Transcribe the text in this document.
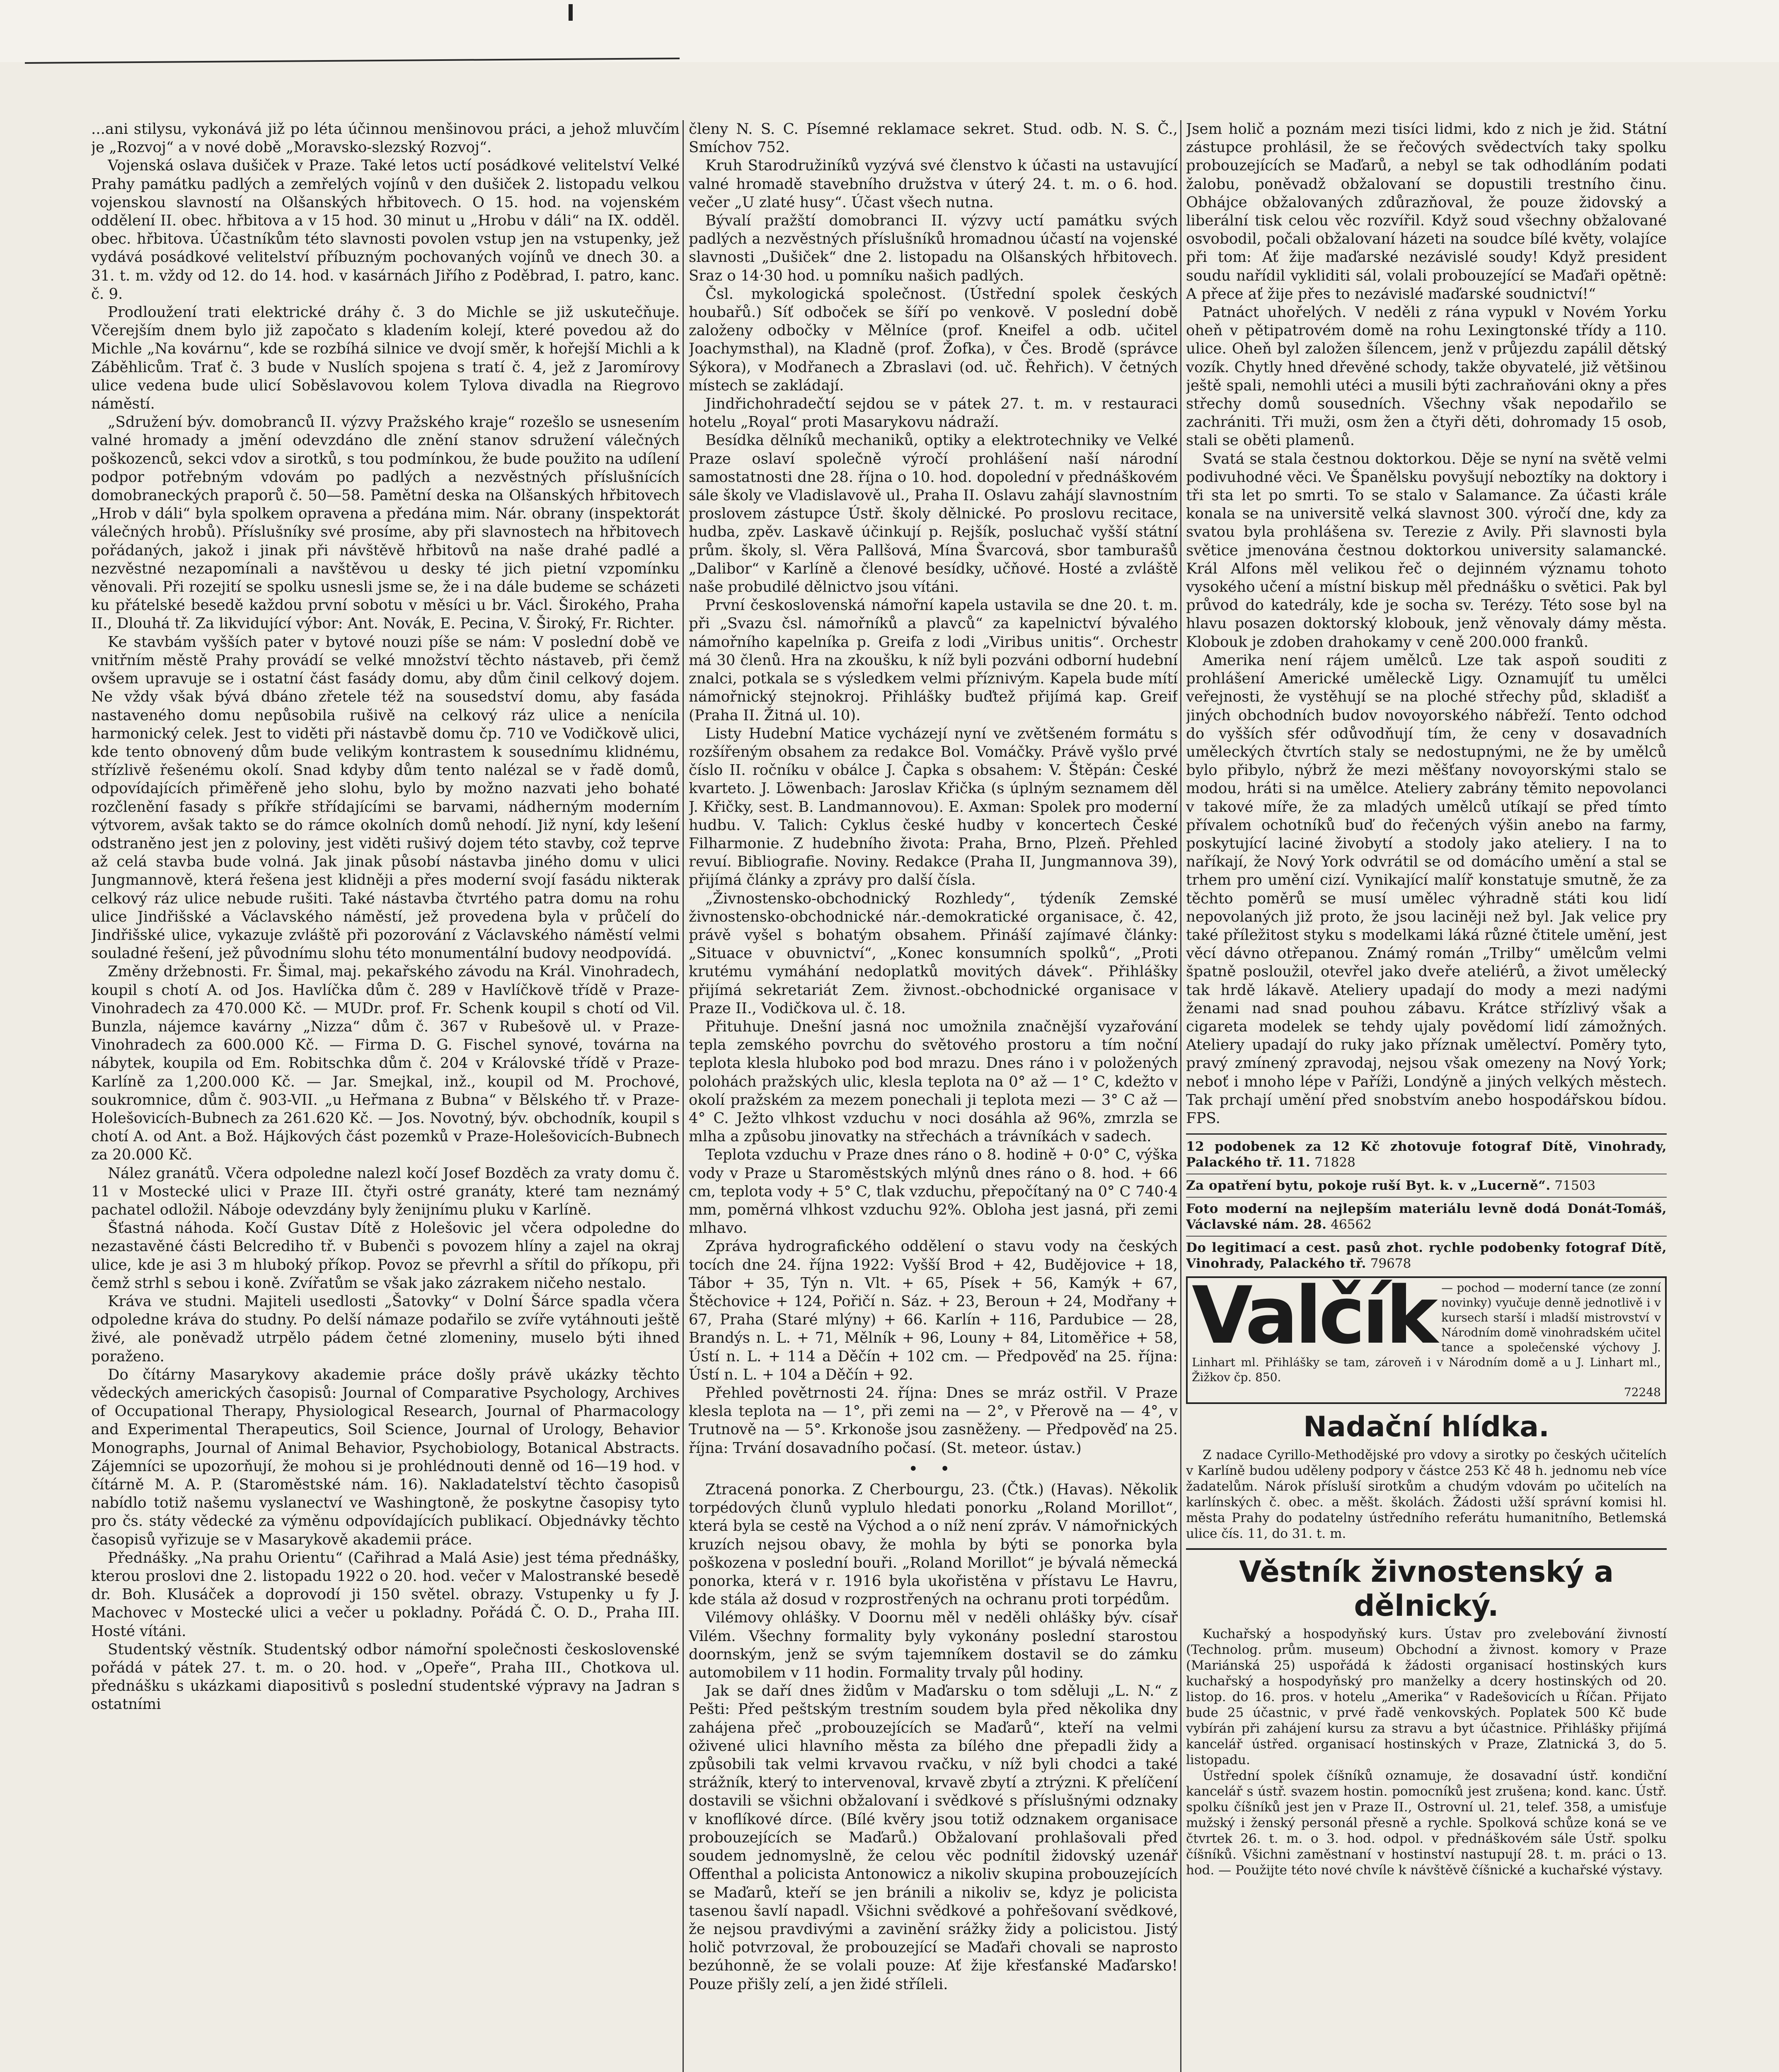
...ani stilysu, vykonává již po léta účinnou menšinovou práci, a jehož mluvčím je „Rozvoj“ a v nové době „Moravsko-slezský Rozvoj“.

Vojenská oslava dušiček v Praze. Také letos uctí posádkové velitelství Velké Prahy památku padlých a zemřelých vojínů v den dušiček 2. listopadu velkou vojenskou slavností na Olšanských hřbitovech. O 15. hod. na vojenském oddělení II. obec. hřbitova a v 15 hod. 30 minut u „Hrobu v dáli“ na IX. odděl. obec. hřbitova. Účastníkům této slavnosti povolen vstup jen na vstupenky, jež vydává posádkové velitelství příbuzným pochovaných vojínů ve dnech 30. a 31. t. m. vždy od 12. do 14. hod. v kasárnách Jiřího z Poděbrad, I. patro, kanc. č. 9.

Prodloužení trati elektrické dráhy č. 3 do Michle se již uskutečňuje. Včerejším dnem bylo již započato s kladením kolejí, které povedou až do Michle „Na kovárnu“, kde se rozbíhá silnice ve dvojí směr, k hořejší Michli a k Záběhlicům. Trať č. 3 bude v Nuslích spojena s tratí č. 4, jež z Jaromírovy ulice vedena bude ulicí Soběslavovou kolem Tylova divadla na Riegrovo náměstí.

„Sdružení býv. domobranců II. výzvy Pražského kraje“ rozešlo se usnesením valné hromady a jmění odevzdáno dle znění stanov sdružení válečných poškozenců, sekci vdov a sirotků, s tou podmínkou, že bude použito na udílení podpor potřebným vdovám po padlých a nezvěstných příslušnících domobraneckých praporů č. 50—58. Pamětní deska na Olšanských hřbitovech „Hrob v dáli“ byla spolkem opravena a předána mim. Nár. obrany (inspektorát válečných hrobů). Příslušníky své prosíme, aby při slavnostech na hřbitovech pořádaných, jakož i jinak při návštěvě hřbitovů na naše drahé padlé a nezvěstné nezapomínali a navštěvou u desky té jich pietní vzpomínku věnovali. Při rozejití se spolku usnesli jsme se, že i na dále budeme se scházeti ku přátelské besedě každou první sobotu v měsíci u br. Václ. Širokého, Praha II., Dlouhá tř. Za likvidující výbor: Ant. Novák, E. Pecina, V. Široký, Fr. Richter.

Ke stavbám vyšších pater v bytové nouzi píše se nám: V poslední době ve vnitřním městě Prahy provádí se velké množství těchto nástaveb, při čemž ovšem upravuje se i ostatní část fasády domu, aby dům činil celkový dojem. Ne vždy však bývá dbáno zřetele též na sousedství domu, aby fasáda nastaveného domu nepůsobila rušivě na celkový ráz ulice a nenícila harmonický celek. Jest to viděti při nástavbě domu čp. 710 ve Vodičkově ulici, kde tento obnovený dům bude velikým kontrastem k sousednímu klidnému, střízlivě řešenému okolí. Snad kdyby dům tento nalézal se v řadě domů, odpovídajících přiměřeně jeho slohu, bylo by možno nazvati jeho bohaté rozčlenění fasady s příkře střídajícími se barvami, nádherným moderním výtvorem, avšak takto se do rámce okolních domů nehodí. Již nyní, kdy lešení odstraněno jest jen z poloviny, jest viděti rušivý dojem této stavby, což teprve až celá stavba bude volná. Jak jinak působí nástavba jiného domu v ulici Jungmannově, která řešena jest klidněji a přes moderní svojí fasádu nikterak celkový ráz ulice nebude rušiti. Také nástavba čtvrtého patra domu na rohu ulice Jindřišské a Václavského náměstí, jež provedena byla v průčelí do Jindřišské ulice, vykazuje zvláště při pozorování z Václavského náměstí velmi souladné řešení, jež původnímu slohu této monumentální budovy neodpovídá.

Změny držebnosti. Fr. Šimal, maj. pekařského závodu na Král. Vinohradech, koupil s chotí A. od Jos. Havlíčka dům č. 289 v Havlíčkově třídě v Praze-Vinohradech za 470.000 Kč. — MUDr. prof. Fr. Schenk koupil s chotí od Vil. Bunzla, nájemce kavárny „Nizza“ dům č. 367 v Rubešově ul. v Praze-Vinohradech za 600.000 Kč. — Firma D. G. Fischel synové, továrna na nábytek, koupila od Em. Robitschka dům č. 204 v Královské třídě v Praze-Karlíně za 1,200.000 Kč. — Jar. Smejkal, inž., koupil od M. Prochové, soukromnice, dům č. 903-VII. „u Heřmana z Bubna“ v Bělského tř. v Praze-Holešovicích-Bubnech za 261.620 Kč. — Jos. Novotný, býv. obchodník, koupil s chotí A. od Ant. a Bož. Hájkových část pozemků v Praze-Holešovicích-Bubnech za 20.000 Kč.

Nález granátů. Včera odpoledne nalezl kočí Josef Bozděch za vraty domu č. 11 v Mostecké ulici v Praze III. čtyři ostré granáty, které tam neznámý pachatel odložil. Náboje odevzdány byly ženijnímu pluku v Karlíně.

Šťastná náhoda. Kočí Gustav Dítě z Holešovic jel včera odpoledne do nezastavěné části Belcrediho tř. v Bubenči s povozem hlíny a zajel na okraj ulice, kde je asi 3 m hluboký příkop. Povoz se převrhl a sřítil do příkopu, při čemž strhl s sebou i koně. Zvířatům se však jako zázrakem ničeho nestalo.

Kráva ve studni. Majiteli usedlosti „Šatovky“ v Dolní Šárce spadla včera odpoledne kráva do studny. Po delší námaze podařilo se zvíře vytáhnouti ještě živé, ale poněvadž utrpělo pádem četné zlomeniny, muselo býti ihned poraženo.

Do čítárny Masarykovy akademie práce došly právě ukázky těchto vědeckých amerických časopisů: Journal of Comparative Psychology, Archives of Occupational Therapy, Physiological Research, Journal of Pharmacology and Experimental Therapeutics, Soil Science, Journal of Urology, Behavior Monographs, Journal of Animal Behavior, Psychobiology, Botanical Abstracts. Zájemníci se upozorňují, že mohou si je prohlédnouti denně od 16—19 hod. v čítárně M. A. P. (Staroměstské nám. 16). Nakladatelství těchto časopisů nabídlo totiž našemu vyslanectví ve Washingtoně, že poskytne časopisy tyto pro čs. státy vědecké za výměnu odpovídajících publikací. Objednávky těchto časopisů vyřizuje se v Masarykově akademii práce.

Přednášky. „Na prahu Orientu“ (Cařihrad a Malá Asie) jest téma přednášky, kterou proslovi dne 2. listopadu 1922 o 20. hod. večer v Malostranské besedě dr. Boh. Klusáček a doprovodí ji 150 světel. obrazy. Vstupenky u fy J. Machovec v Mostecké ulici a večer u pokladny. Pořádá Č. O. D., Praha III. Hosté vítáni.

Studentský věstník. Studentský odbor námořní společnosti československé pořádá v pátek 27. t. m. o 20. hod. v „Opeře“, Praha III., Chotkova ul. přednášku s ukázkami diapositivů s poslední studentské výpravy na Jadran s ostatními

členy N. S. C. Písemné reklamace sekret. Stud. odb. N. S. Č., Smíchov 752.

Kruh Starodružiníků vyzývá své členstvo k účasti na ustavující valné hromadě stavebního družstva v úterý 24. t. m. o 6. hod. večer „U zlaté husy“. Účast všech nutna.

Bývalí pražští domobranci II. výzvy uctí památku svých padlých a nezvěstných příslušníků hromadnou účastí na vojenské slavnosti „Dušiček“ dne 2. listopadu na Olšanských hřbitovech. Sraz o 14·30 hod. u pomníku našich padlých.

Čsl. mykologická společnost. (Ústřední spolek českých houbařů.) Síť odboček se šíří po venkově. V poslední době založeny odbočky v Mělníce (prof. Kneifel a odb. učitel Joachymsthal), na Kladně (prof. Žofka), v Čes. Brodě (správce Sýkora), v Modřanech a Zbraslavi (od. uč. Řehřich). V četných místech se zakládají.

Jindřichohradečtí sejdou se v pátek 27. t. m. v restauraci hotelu „Royal“ proti Masarykovu nádraží.

Besídka dělníků mechaniků, optiky a elektrotechniky ve Velké Praze oslaví společně výročí prohlášení naší národní samostatnosti dne 28. října o 10. hod. dopolední v přednáškovém sále školy ve Vladislavově ul., Praha II. Oslavu zahájí slavnostním proslovem zástupce Ústř. školy dělnické. Po proslovu recitace, hudba, zpěv. Laskavě účinkují p. Rejšík, posluchač vyšší státní prům. školy, sl. Věra Pallšová, Mína Švarcová, sbor tamburašů „Dalibor“ v Karlíně a členové besídky, učňové. Hosté a zvláště naše probudilé dělnictvo jsou vítáni.

První československá námořní kapela ustavila se dne 20. t. m. při „Svazu čsl. námořníků a plavců“ za kapelnictví bývalého námořního kapelníka p. Greifa z lodi „Viribus unitis“. Orchestr má 30 členů. Hra na zkoušku, k níž byli pozváni odborní hudební znalci, potkala se s výsledkem velmi příznivým. Kapela bude mítí námořnický stejnokroj. Přihlášky buďtež přijímá kap. Greif (Praha II. Žitná ul. 10).

Listy Hudební Matice vycházejí nyní ve zvětšeném formátu s rozšířeným obsahem za redakce Bol. Vomáčky. Právě vyšlo prvé číslo II. ročníku v obálce J. Čapka s obsahem: V. Štěpán: České kvarteto. J. Löwenbach: Jaroslav Křička (s úplným seznamem děl J. Křičky, sest. B. Landmannovou). E. Axman: Spolek pro moderní hudbu. V. Talich: Cyklus české hudby v koncertech České Filharmonie. Z hudebního života: Praha, Brno, Plzeň. Přehled revuí. Bibliografie. Noviny. Redakce (Praha II, Jungmannova 39), přijímá články a zprávy pro další čísla.

„Živnostensko-obchodnický Rozhledy“, týdeník Zemské živnostensko-obchodnické nár.-demokratické organisace, č. 42, právě vyšel s bohatým obsahem. Přináší zajímavé články: „Situace v obuvnictví“, „Konec konsumních spolků“, „Proti krutému vymáhání nedoplatků movitých dávek“. Přihlášky přijímá sekretariát Zem. živnost.-obchodnické organisace v Praze II., Vodičkova ul. č. 18.

Přituhuje. Dnešní jasná noc umožnila značnější vyzařování tepla zemského povrchu do světového prostoru a tím noční teplota klesla hluboko pod bod mrazu. Dnes ráno i v položených polohách pražských ulic, klesla teplota na 0° až — 1° C, kdežto v okolí pražském za mezem ponechali ji teplota mezi — 3° C až — 4° C. Ježto vlhkost vzduchu v noci dosáhla až 96%, zmrzla se mlha a způsobu jinovatky na střechách a trávníkách v sadech.

Teplota vzduchu v Praze dnes ráno o 8. hodině + 0·0° C, výška vody v Praze u Staroměstských mlýnů dnes ráno o 8. hod. + 66 cm, teplota vody + 5° C, tlak vzduchu, přepočítaný na 0° C 740·4 mm, poměrná vlhkost vzduchu 92%. Obloha jest jasná, při zemi mlhavo.

Zpráva hydrografického oddělení o stavu vody na českých tocích dne 24. října 1922: Vyšší Brod + 42, Budějovice + 18, Tábor + 35, Týn n. Vlt. + 65, Písek + 56, Kamýk + 67, Štěchovice + 124, Pořičí n. Sáz. + 23, Beroun + 24, Modřany + 67, Praha (Staré mlýny) + 66. Karlín + 116, Pardubice — 28, Brandýs n. L. + 71, Mělník + 96, Louny + 84, Litoměřice + 58, Ústí n. L. + 114 a Děčín + 102 cm. — Předpověď na 25. října: Ústí n. L. + 104 a Děčín + 92.

Přehled povětrnosti 24. října: Dnes se mráz ostřil. V Praze klesla teplota na — 1°, při zemi na — 2°, v Přerově na — 4°, v Trutnově na — 5°. Krkonoše jsou zasněženy. — Předpověď na 25. října: Trvání dosavadního počasí. (St. meteor. ústav.)

• •

Ztracená ponorka. Z Cherbourgu, 23. (Čtk.) (Havas). Několik torpédových člunů vyplulo hledati ponorku „Roland Morillot“, která byla se cestě na Východ a o níž není zpráv. V námořnických kruzích nejsou obavy, že mohla by býti se ponorka byla poškozena v poslední bouři. „Roland Morillot“ je bývalá německá ponorka, která v r. 1916 byla ukořistěna v přístavu Le Havru, kde stála až dosud v rozprostřených na ochranu proti torpédům.

Vilémovy ohlášky. V Doornu měl v neděli ohlášky býv. císař Vilém. Všechny formality byly vykonány poslední starostou doornským, jenž se svým tajemníkem dostavil se do zámku automobilem v 11 hodin. Formality trvaly půl hodiny.

Jak se daří dnes židům v Maďarsku o tom sděluji „L. N.“ z Pešti: Před peštským trestním soudem byla před několika dny zahájena přeč „probouzejících se Maďarů“, kteří na velmi oživené ulici hlavního města za bílého dne přepadli židy a způsobili tak velmi krvavou rvačku, v níž byli chodci a také strážník, který to intervenoval, krvavě zbytí a ztrýzni. K přelíčení dostavili se všichni obžalovaní i svědkové s příslušnými odznaky v knoflíkové dírce. (Bílé kvěry jsou totiž odznakem organisace probouzejících se Maďarů.) Obžalovaní prohlašovali před soudem jednomyslně, že celou věc podnítil židovský uzenář Offenthal a policista Antonowicz a nikoliv skupina probouzejících se Maďarů, kteří se jen bránili a nikoliv se, kdyz je policista tasenou šavlí napadl. Všichni svědkové a pohřešovaní svědkové, že nejsou pravdivými a zavinění srážky židy a policistou. Jistý holič potvrzoval, že probouzející se Maďaři chovali se naprosto bezúhonně, že se volali pouze: Ať žije křesťanské Maďarsko! Pouze přišly zelí, a jen židé stříleli.

Jsem holič a poznám mezi tisíci lidmi, kdo z nich je žid. Státní zástupce prohlásil, že se řečových svědectvích taky spolku probouzejících se Maďarů, a nebyl se tak odhodláním podati žalobu, poněvadž obžalovaní se dopustili trestního činu. Obhájce obžalovaných zdůrazňoval, že pouze židovský a liberální tisk celou věc rozvířil. Když soud všechny obžalované osvobodil, počali obžalovaní házeti na soudce bílé květy, volajíce při tom: Ať žije maďarské nezávislé soudy! Když president soudu nařídil vykliditi sál, volali probouzející se Maďaři opětně: A přece ať žije přes to nezávislé maďarské soudnictví!“

Patnáct uhořelých. V neděli z rána vypukl v Novém Yorku oheň v pětipatrovém domě na rohu Lexingtonské třídy a 110. ulice. Oheň byl založen šílencem, jenž v průjezdu zapálil dětský vozík. Chytly hned dřevěné schody, takže obyvatelé, již většinou ještě spali, nemohli utéci a musili býti zachraňováni okny a přes střechy domů sousedních. Všechny však nepodařilo se zachrániti. Tři muži, osm žen a čtyři děti, dohromady 15 osob, stali se oběti plamenů.

Svatá se stala čestnou doktorkou. Děje se nyní na světě velmi podivuhodné věci. Ve Španělsku povyšují neboztíky na doktory i tři sta let po smrti. To se stalo v Salamance. Za účasti krále konala se na universitě velká slavnost 300. výročí dne, kdy za svatou byla prohlášena sv. Terezie z Avily. Při slavnosti byla světice jmenována čestnou doktorkou university salamancké. Král Alfons měl velikou řeč o dejinném významu tohoto vysokého učení a místní biskup měl přednášku o světici. Pak byl průvod do katedrály, kde je socha sv. Terézy. Této sose byl na hlavu posazen doktorský klobouk, jenž věnovaly dámy města. Klobouk je zdoben drahokamy v ceně 200.000 franků.

Amerika není rájem umělců. Lze tak aspoň souditi z prohlášení Americké uměleckě Ligy. Oznamujíť tu umělci veřejnosti, že vystěhují se na ploché střechy půd, skladišť a jiných obchodních budov novoyorského nábřeží. Tento odchod do vyšších sfér odůvodňují tím, že ceny v dosavadních uměleckých čtvrtích staly se nedostupnými, ne že by umělců bylo přibylo, nýbrž že mezi měšťany novoyorskými stalo se modou, hráti si na umělce. Ateliery zabrány těmito nepovolanci v takové míře, že za mladých umělců utíkají se před tímto přívalem ochotníků buď do řečených výšin anebo na farmy, poskytující laciné živobytí a stodoly jako ateliery. I na to naříkají, že Nový York odvrátil se od domácího umění a stal se trhem pro umění cizí. Vynikající malíř konstatuje smutně, že za těchto poměrů se musí umělec výhradně státi kou lidí nepovolaných již proto, že jsou laciněji než byl. Jak velice pry také příležitost styku s modelkami láká různé čtitele umění, jest věcí dávno otřepanou. Známý román „Trilby“ umělcům velmi špatně posloužil, otevřel jako dveře ateliérů, a život umělecký tak hrdě lákavě. Ateliery upadají do mody a mezi nadými ženami nad snad pouhou zábavu. Krátce střízlivý však a cigareta modelek se tehdy ujaly povědomí lidí zámožných. Ateliery upadají do ruky jako příznak umělectví. Poměry tyto, pravý zmínený zpravodaj, nejsou však omezeny na Nový York; neboť i mnoho lépe v Paříži, Londýně a jiných velkých městech. Tak prchají umění před snobstvím anebo hospodářskou bídou. FPS.

12 podobenek za 12 Kč zhotovuje fotograf Dítě, Vinohrady, Palackého tř. 11. 71828

Za opatření bytu, pokoje ruší Byt. k. v „Lucerně“. 71503

Foto moderní na nejlepším materiálu levně dodá Donát-Tomáš, Václavské nám. 28. 46562

Do legitimací a cest. pasů zhot. rychle podobenky fotograf Dítě, Vinohrady, Palackého tř. 79678

Valčík — pochod — moderní tance (ze zonní novinky) vyučuje denně jednotlivě i v kursech starší i mladší mistrovství v Národním domě vinohradském učitel tance a společenské výchovy J. Linhart ml. Přihlášky se tam, zároveň i v Národním domě a u J. Linhart ml., Žižkov čp. 850.
72248
Nadační hlídka.

Z nadace Cyrillo-Methodějské pro vdovy a sirotky po českých učitelích v Karlíně budou uděleny podpory v částce 253 Kč 48 h. jednomu neb více žadatelům. Nárok přísluší sirotkům a chudým vdovám po učitelích na karlínských č. obec. a měšt. školách. Žádosti užší správní komisi hl. města Prahy do podatelny ústředního referátu humanitního, Betlemská ulice čís. 11, do 31. t. m.

Věstník živnostenský a dělnický.

Kuchařský a hospodyňský kurs. Ústav pro zvelebování živností (Technolog. prům. museum) Obchodní a živnost. komory v Praze (Mariánská 25) uspořádá k žádosti organisací hostinských kurs kuchařský a hospodyňský pro manželky a dcery hostinských od 20. listop. do 16. pros. v hotelu „Amerika“ v Radešovicích u Říčan. Přijato bude 25 účastnic, v prvé řadě venkovských. Poplatek 500 Kč bude vybírán při zahájení kursu za stravu a byt účastnice. Přihlášky přijímá kancelář ústřed. organisací hostinských v Praze, Zlatnická 3, do 5. listopadu.

Ústřední spolek číšníků oznamuje, že dosavadní ústř. kondiční kancelář s ústř. svazem hostin. pomocníků jest zrušena; kond. kanc. Ústř. spolku číšníků jest jen v Praze II., Ostrovní ul. 21, telef. 358, a umisťuje mužský i ženský personál přesně a rychle. Spolková schůze koná se ve čtvrtek 26. t. m. o 3. hod. odpol. v přednáškovém sále Ústř. spolku číšníků. Všichni zaměstnaní v hostinství nastupují 28. t. m. práci o 13. hod. — Použijte této nové chvíle k návštěvě číšnické a kuchařské výstavy.
